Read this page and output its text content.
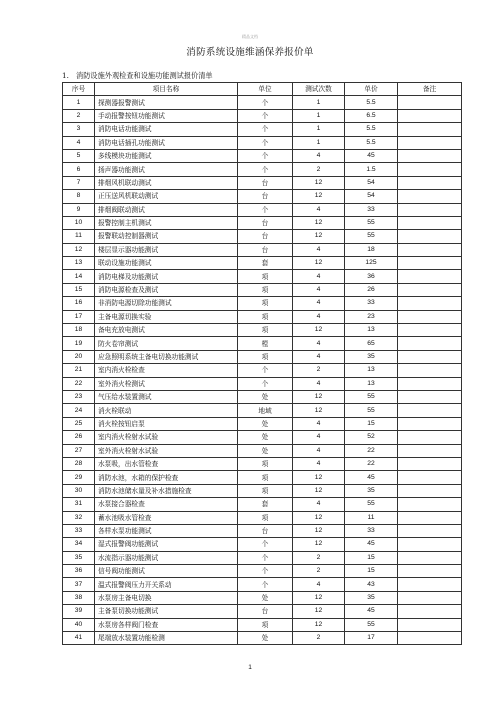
精品文档
消防系统设施维涵保养报价单
1. 消防设施外观检查和设施功能测试报价清单
序号	项目名称	单位	测试次数	单价	备注
1	探测器报警测试	个	1	5.5	
2	手动报警按钮功能测试	个	1	6.5	
3	消防电话功能测试	个	1	5.5	
4	消防电话插孔功能测试	个	1	5.5	
5	多线模块功能测试	个	4	45	
6	扬声器功能测试	个	2	1.5	
7	排烟风机联动测试	台	12	54	
8	正压送风机联动测试	台	12	54	
9	排烟阀联动测试	个	4	33	
10	报警控制主机测试	台	12	55	
11	报警联动控制器测试	台	12	55	
12	楼层显示器功能测试	台	4	18	
13	联动设施功能测试	套	12	125	
14	消防电梯及功能测试	项	4	36	
15	消防电源检查及测试	项	4	26	
16	非消防电源切除功能测试	项	4	33	
17	主备电源切换实验	项	4	23	
18	备电充放电测试	项	12	13	
19	防火卷帘测试	樘	4	65	
20	应急照明系统主备电切换功能测试	项	4	35	
21	室内消火栓检查	个	2	13	
22	室外消火栓测试	个	4	13	
23	气压给水装置测试	处	12	55	
24	消火栓联动	地域	12	55	
25	消火栓按钮启泵	处	4	15	
26	室内消火栓射水试验	处	4	52	
27	室外消火栓射水试验	处	4	22	
28	水泵吸，出水管检查	项	4	22	
29	消防水池，水箱的保护检查	项	12	45	
30	消防水池储水量及补水措施检查	项	12	35	
31	水泵接合器检查	套	4	55	
32	蓄水池吸水管检查	项	12	11	
33	各样水泵功能测试	台	12	33	
34	湿式报警阀功能测试	个	12	45	
35	水流指示器功能测试	个	2	15	
36	信号阀功能测试	个	2	15	
37	温式报警阀压力开关系动	个	4	43	
38	水泵房主备电切换	处	12	35	
39	主备泵切换功能测试	台	12	45	
40	水泵房各样阀门检查	项	12	55	
41	尾端放水装置功能检测	处	2	17	
1
